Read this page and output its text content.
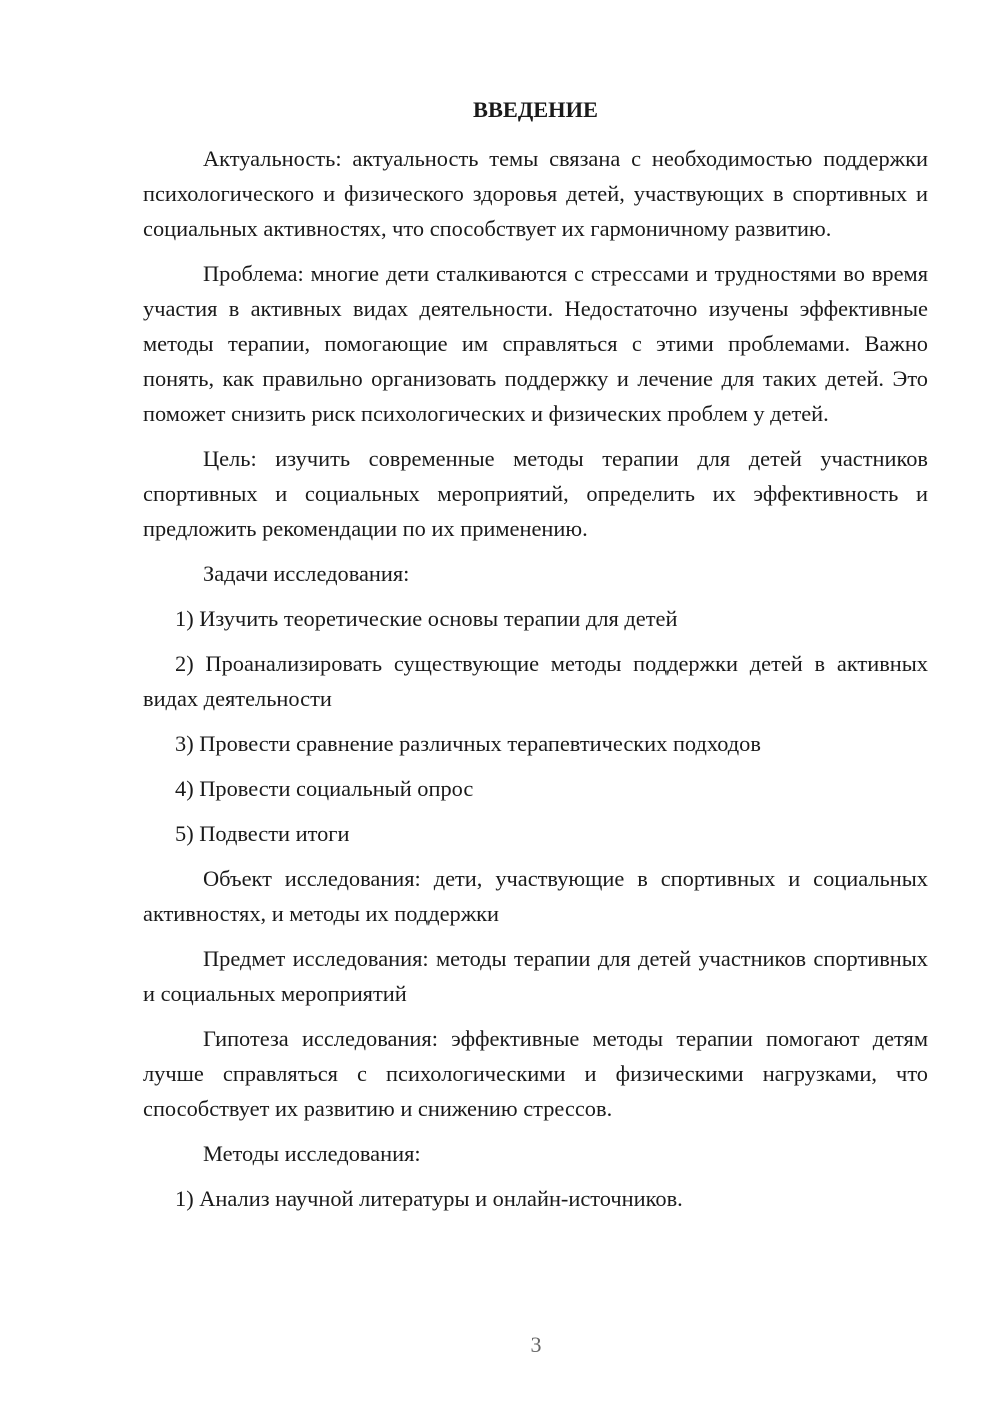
ВВЕДЕНИЕ

Актуальность: актуальность темы связана с необходимостью поддержки психологического и физического здоровья детей, участвующих в спортивных и социальных активностях, что способствует их гармоничному развитию.

Проблема: многие дети сталкиваются с стрессами и трудностями во время участия в активных видах деятельности. Недостаточно изучены эффективные методы терапии, помогающие им справляться с этими проблемами. Важно понять, как правильно организовать поддержку и лечение для таких детей. Это поможет снизить риск психологических и физических проблем у детей.

Цель: изучить современные методы терапии для детей участников спортивных и социальных мероприятий, определить их эффективность и предложить рекомендации по их применению.

Задачи исследования:

1) Изучить теоретические основы терапии для детей

2) Проанализировать существующие методы поддержки детей в активных видах деятельности

3) Провести сравнение различных терапевтических подходов

4) Провести социальный опрос

5) Подвести итоги

Объект исследования: дети, участвующие в спортивных и социальных активностях, и методы их поддержки

Предмет исследования: методы терапии для детей участников спортивных и социальных мероприятий

Гипотеза исследования: эффективные методы терапии помогают детям лучше справляться с психологическими и физическими нагрузками, что способствует их развитию и снижению стрессов.

Методы исследования:

1) Анализ научной литературы и онлайн-источников.

3
